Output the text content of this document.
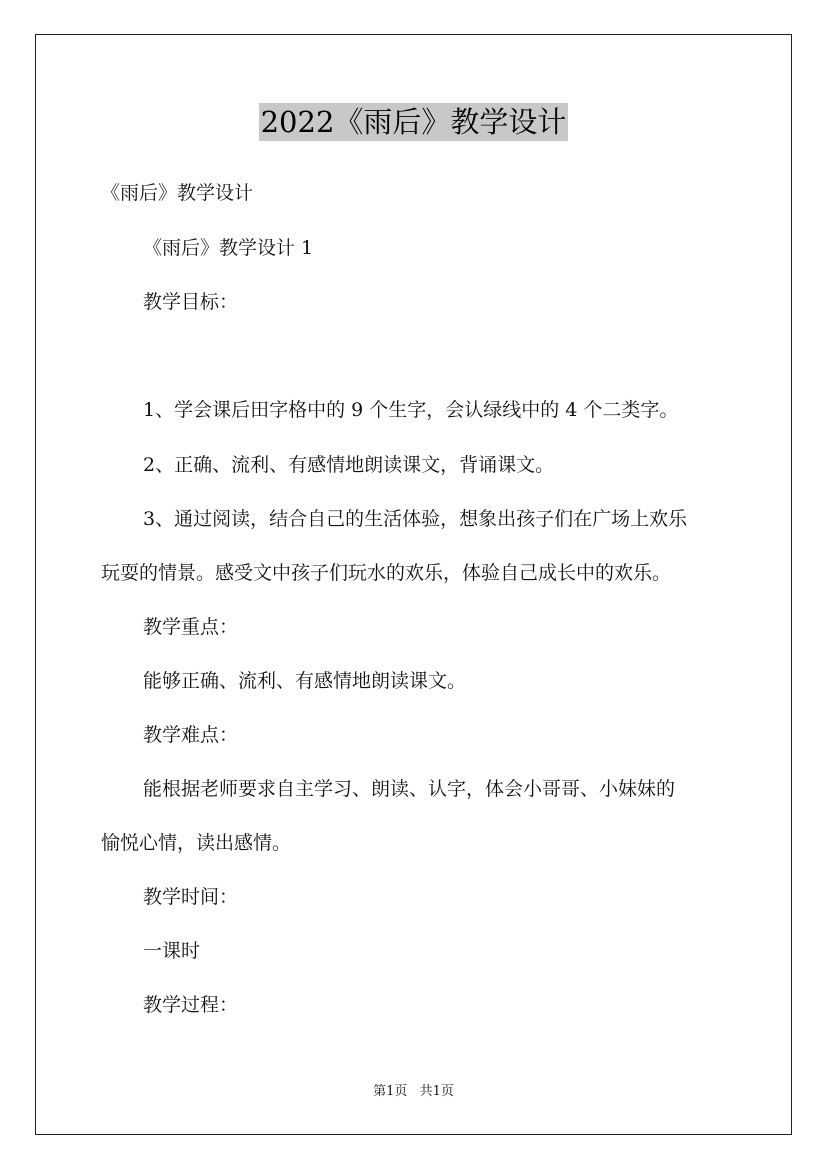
2022《雨后》教学设计
《雨后》教学设计
《雨后》教学设计 1
教学目标：
1、学会课后田字格中的 9 个生字，会认绿线中的 4 个二类字。
2、正确、流利、有感情地朗读课文，背诵课文。
3、通过阅读，结合自己的生活体验，想象出孩子们在广场上欢乐
玩耍的情景。感受文中孩子们玩水的欢乐，体验自己成长中的欢乐。
教学重点：
能够正确、流利、有感情地朗读课文。
教学难点：
能根据老师要求自主学习、朗读、认字，体会小哥哥、小妹妹的
愉悦心情，读出感情。
教学时间：
一课时
教学过程：
第1页 共1页
